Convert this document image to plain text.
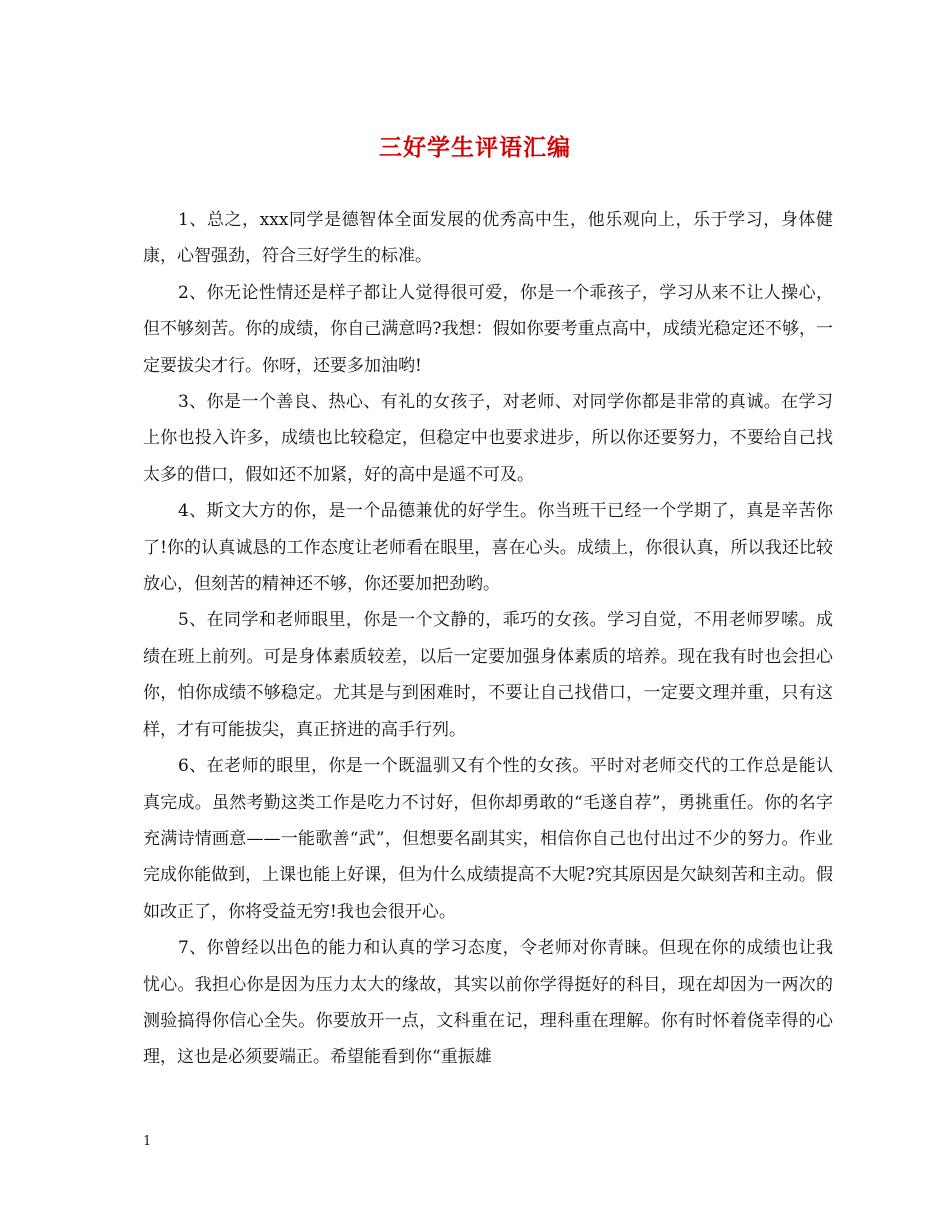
三好学生评语汇编

1、总之，xxx同学是德智体全面发展的优秀高中生，他乐观向上，乐于学习，身体健康，心智强劲，符合三好学生的标准。

2、你无论性情还是样子都让人觉得很可爱，你是一个乖孩子，学习从来不让人操心，但不够刻苦。你的成绩，你自己满意吗?我想：假如你要考重点高中，成绩光稳定还不够，一定要拔尖才行。你呀，还要多加油哟!

3、你是一个善良、热心、有礼的女孩子，对老师、对同学你都是非常的真诚。在学习上你也投入许多，成绩也比较稳定，但稳定中也要求进步，所以你还要努力，不要给自己找太多的借口，假如还不加紧，好的高中是遥不可及。

4、斯文大方的你，是一个品德兼优的好学生。你当班干已经一个学期了，真是辛苦你了!你的认真诚恳的工作态度让老师看在眼里，喜在心头。成绩上，你很认真，所以我还比较放心，但刻苦的精神还不够，你还要加把劲哟。

5、在同学和老师眼里，你是一个文静的，乖巧的女孩。学习自觉，不用老师罗嗦。成绩在班上前列。可是身体素质较差，以后一定要加强身体素质的培养。现在我有时也会担心你，怕你成绩不够稳定。尤其是与到困难时，不要让自己找借口，一定要文理并重，只有这样，才有可能拔尖，真正挤进的高手行列。

6、在老师的眼里，你是一个既温驯又有个性的女孩。平时对老师交代的工作总是能认真完成。虽然考勤这类工作是吃力不讨好，但你却勇敢的“毛遂自荐”，勇挑重任。你的名字充满诗情画意——一能歌善“武”，但想要名副其实，相信你自己也付出过不少的努力。作业完成你能做到，上课也能上好课，但为什么成绩提高不大呢?究其原因是欠缺刻苦和主动。假如改正了，你将受益无穷!我也会很开心。

7、你曾经以出色的能力和认真的学习态度，令老师对你青睐。但现在你的成绩也让我忧心。我担心你是因为压力太大的缘故，其实以前你学得挺好的科目，现在却因为一两次的测验搞得你信心全失。你要放开一点，文科重在记，理科重在理解。你有时怀着侥幸得的心理，这也是必须要端正。希望能看到你“重振雄

1
